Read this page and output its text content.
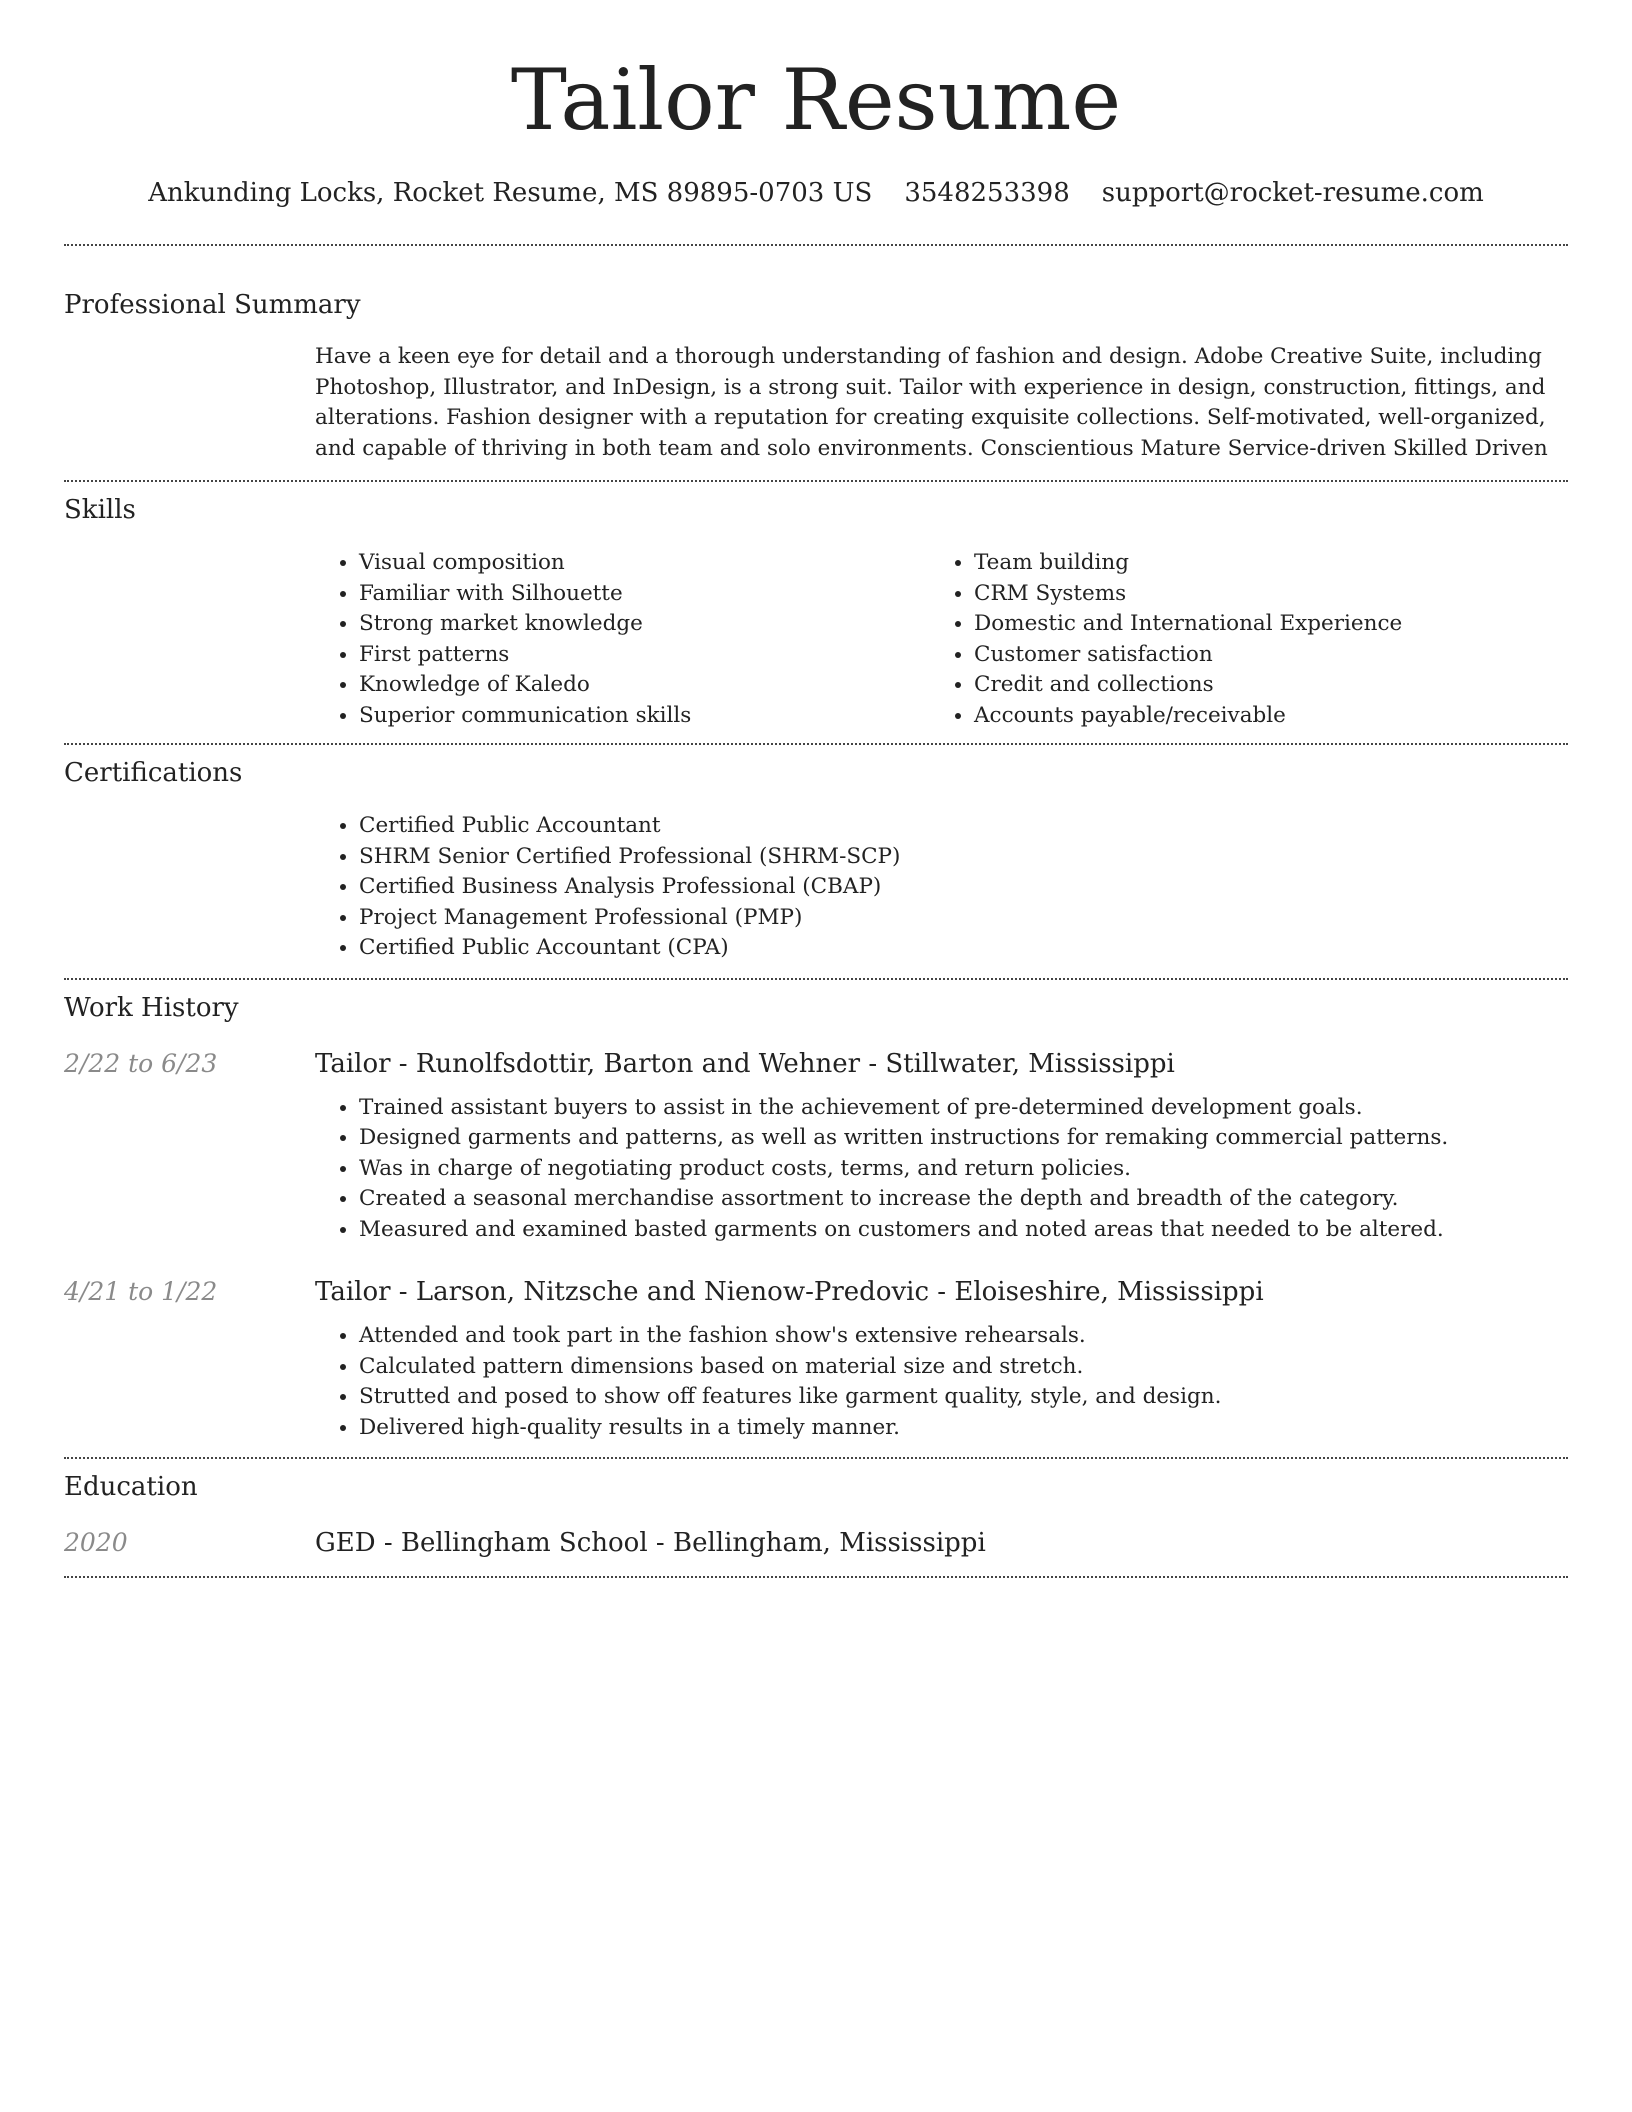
Tailor Resume
Ankunding Locks, Rocket Resume, MS 89895-0703 US 3548253398 support@rocket-resume.com
Professional Summary

Have a keen eye for detail and a thorough understanding of fashion and design. Adobe Creative Suite, including Photoshop, Illustrator, and InDesign, is a strong suit. Tailor with experience in design, construction, fittings, and alterations. Fashion designer with a reputation for creating exquisite collections. Self-motivated, well-organized, and capable of thriving in both team and solo environments. Conscientious Mature Service-driven Skilled Driven

Skills
• Visual composition
• Familiar with Silhouette
• Strong market knowledge
• First patterns
• Knowledge of Kaledo
• Superior communication skills
• Team building
• CRM Systems
• Domestic and International Experience
• Customer satisfaction
• Credit and collections
• Accounts payable/receivable
Certifications
• Certified Public Accountant
• SHRM Senior Certified Professional (SHRM-SCP)
• Certified Business Analysis Professional (CBAP)
• Project Management Professional (PMP)
• Certified Public Accountant (CPA)
Work History
2/22 to 6/23	Tailor - Runolfsdottir, Barton and Wehner - Stillwater, Mississippi
• Trained assistant buyers to assist in the achievement of pre-determined development goals.
• Designed garments and patterns, as well as written instructions for remaking commercial patterns.
• Was in charge of negotiating product costs, terms, and return policies.
• Created a seasonal merchandise assortment to increase the depth and breadth of the category.
• Measured and examined basted garments on customers and noted areas that needed to be altered.
4/21 to 1/22	Tailor - Larson, Nitzsche and Nienow-Predovic - Eloiseshire, Mississippi
• Attended and took part in the fashion show's extensive rehearsals.
• Calculated pattern dimensions based on material size and stretch.
• Strutted and posed to show off features like garment quality, style, and design.
• Delivered high-quality results in a timely manner.
Education
2020	GED - Bellingham School - Bellingham, Mississippi
